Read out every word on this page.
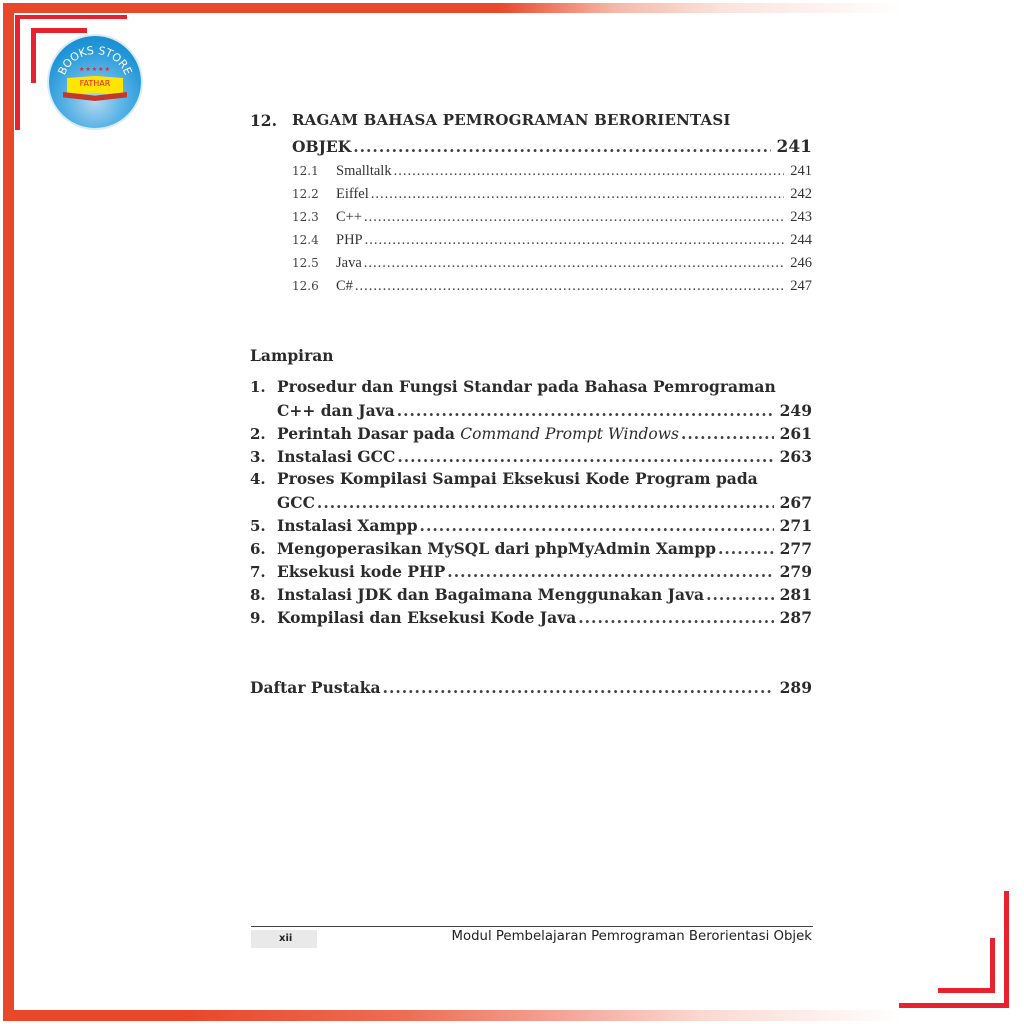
BOOKS STORE
★★★★★
FATHAR
12. RAGAM BAHASA PEMROGRAMAN BERORIENTASI
OBJEK .....	241
12.1	Smalltalk .....	241
12.2	Eiffel .....	242
12.3	C++ .....	243
12.4	PHP .....	244
12.5	Java .....	246
12.6	C# .....	247
Lampiran
1. Prosedur dan Fungsi Standar pada Bahasa Pemrograman
C++ dan Java .....	249
2. Perintah Dasar pada Command Prompt Windows .....	261
3. Instalasi GCC .....	263
4. Proses Kompilasi Sampai Eksekusi Kode Program pada
GCC .....	267
5. Instalasi Xampp .....	271
6. Mengoperasikan MySQL dari phpMyAdmin Xampp .....	277
7. Eksekusi kode PHP .....	279
8. Instalasi JDK dan Bagaimana Menggunakan Java .....	281
9. Kompilasi dan Eksekusi Kode Java .....	287
Daftar Pustaka .....	289
xii	Modul Pembelajaran Pemrograman Berorientasi Objek
